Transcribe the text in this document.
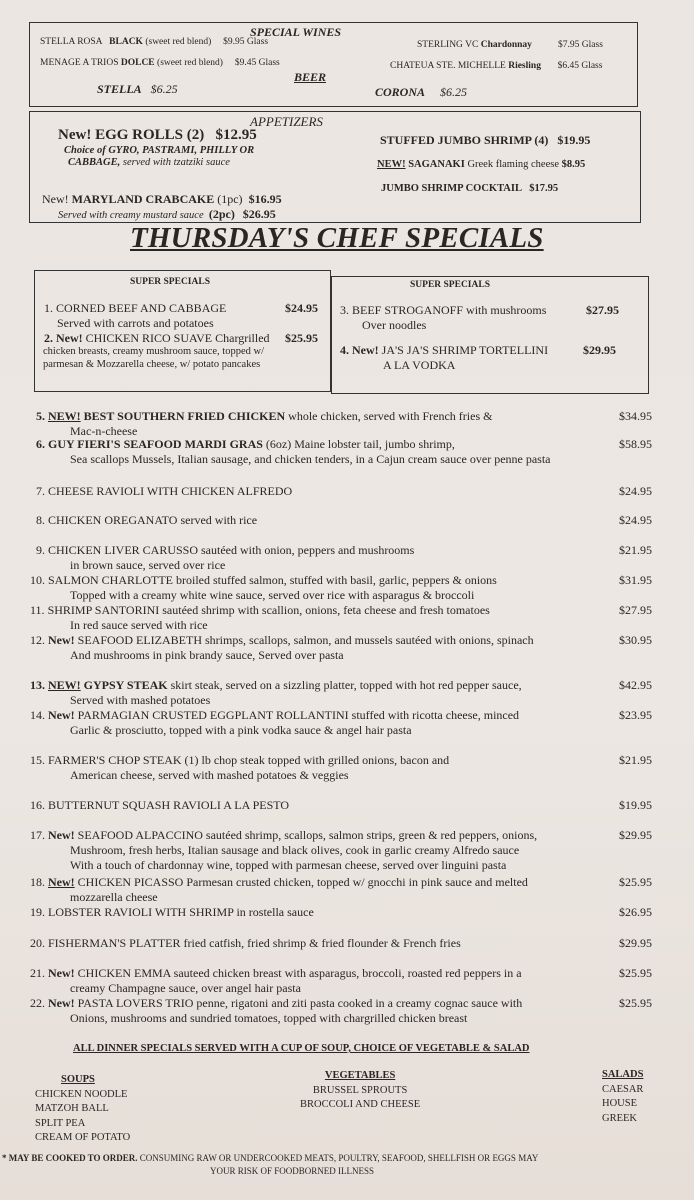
SPECIAL WINES
STELLA ROSA BLACK (sweet red blend) $9.95 Glass
MENAGE A TRIOS DOLCE (sweet red blend) $9.45 Glass
STERLING VC Chardonnay	$7.95 Glass
CHATEUA STE. MICHELLE Riesling $6.45 Glass
BEER
STELLA $6.25	CORONA $6.25
APPETIZERS
New! EGG ROLLS (2) $12.95
Choice of GYRO, PASTRAMI, PHILLY OR
CABBAGE, served with tzatziki sauce
New! MARYLAND CRABCAKE (1pc) $16.95
Served with creamy mustard sauce (2pc) $26.95
STUFFED JUMBO SHRIMP (4) $19.95
NEW! SAGANAKI Greek flaming cheese $8.95
JUMBO SHRIMP COCKTAIL $17.95
THURSDAY'S CHEF SPECIALS
SUPER SPECIALS	SUPER SPECIALS
1. CORNED BEEF AND CABBAGE	$24.95
Served with carrots and potatoes
2. New! CHICKEN RICO SUAVE Chargrilled $25.95
chicken breasts, creamy mushroom sauce, topped w/
parmesan & Mozzarella cheese, w/ potato pancakes
3. BEEF STROGANOFF with mushrooms	$27.95
Over noodles
4. New! JA'S JA'S SHRIMP TORTELLINI	$29.95
A LA VODKA
5. NEW! BEST SOUTHERN FRIED CHICKEN whole chicken, served with French fries &	$34.95
Mac-n-cheese
6. GUY FIERI'S SEAFOOD MARDI GRAS (6oz) Maine lobster tail, jumbo shrimp,	$58.95
Sea scallops Mussels, Italian sausage, and chicken tenders, in a Cajun cream sauce over penne pasta
7. CHEESE RAVIOLI WITH CHICKEN ALFREDO	$24.95
8. CHICKEN OREGANATO served with rice	$24.95
9. CHICKEN LIVER CARUSSO sautéed with onion, peppers and mushrooms	$21.95
in brown sauce, served over rice
10. SALMON CHARLOTTE broiled stuffed salmon, stuffed with basil, garlic, peppers & onions	$31.95
Topped with a creamy white wine sauce, served over rice with asparagus & broccoli
11. SHRIMP SANTORINI sautéed shrimp with scallion, onions, feta cheese and fresh tomatoes	$27.95
In red sauce served with rice
12. New! SEAFOOD ELIZABETH shrimps, scallops, salmon, and mussels sautéed with onions, spinach	$30.95
And mushrooms in pink brandy sauce, Served over pasta
13. NEW! GYPSY STEAK skirt steak, served on a sizzling platter, topped with hot red pepper sauce,	$42.95
Served with mashed potatoes
14. New! PARMAGIAN CRUSTED EGGPLANT ROLLANTINI stuffed with ricotta cheese, minced	$23.95
Garlic & prosciutto, topped with a pink vodka sauce & angel hair pasta
15. FARMER'S CHOP STEAK (1) lb chop steak topped with grilled onions, bacon and	$21.95
American cheese, served with mashed potatoes & veggies
16. BUTTERNUT SQUASH RAVIOLI A LA PESTO	$19.95
17. New! SEAFOOD ALPACCINO sautéed shrimp, scallops, salmon strips, green & red peppers, onions,	$29.95
Mushroom, fresh herbs, Italian sausage and black olives, cook in garlic creamy Alfredo sauce
With a touch of chardonnay wine, topped with parmesan cheese, served over linguini pasta
18. New! CHICKEN PICASSO Parmesan crusted chicken, topped w/ gnocchi in pink sauce and melted	$25.95
mozzarella cheese
19. LOBSTER RAVIOLI WITH SHRIMP in rostella sauce	$26.95
20. FISHERMAN'S PLATTER fried catfish, fried shrimp & fried flounder & French fries	$29.95
21. New! CHICKEN EMMA sauteed chicken breast with asparagus, broccoli, roasted red peppers in a	$25.95
creamy Champagne sauce, over angel hair pasta
22. New! PASTA LOVERS TRIO penne, rigatoni and ziti pasta cooked in a creamy cognac sauce with	$25.95
Onions, mushrooms and sundried tomatoes, topped with chargrilled chicken breast
ALL DINNER SPECIALS SERVED WITH A CUP OF SOUP, CHOICE OF VEGETABLE & SALAD
SOUPS
CHICKEN NOODLE
MATZOH BALL
SPLIT PEA
CREAM OF POTATO
VEGETABLES
BRUSSEL SPROUTS
BROCCOLI AND CHEESE
SALADS
CAESAR
HOUSE
GREEK
* MAY BE COOKED TO ORDER. CONSUMING RAW OR UNDERCOOKED MEATS, POULTRY, SEAFOOD, SHELLFISH OR EGGS MAY
YOUR RISK OF FOODBORNED ILLNESS
